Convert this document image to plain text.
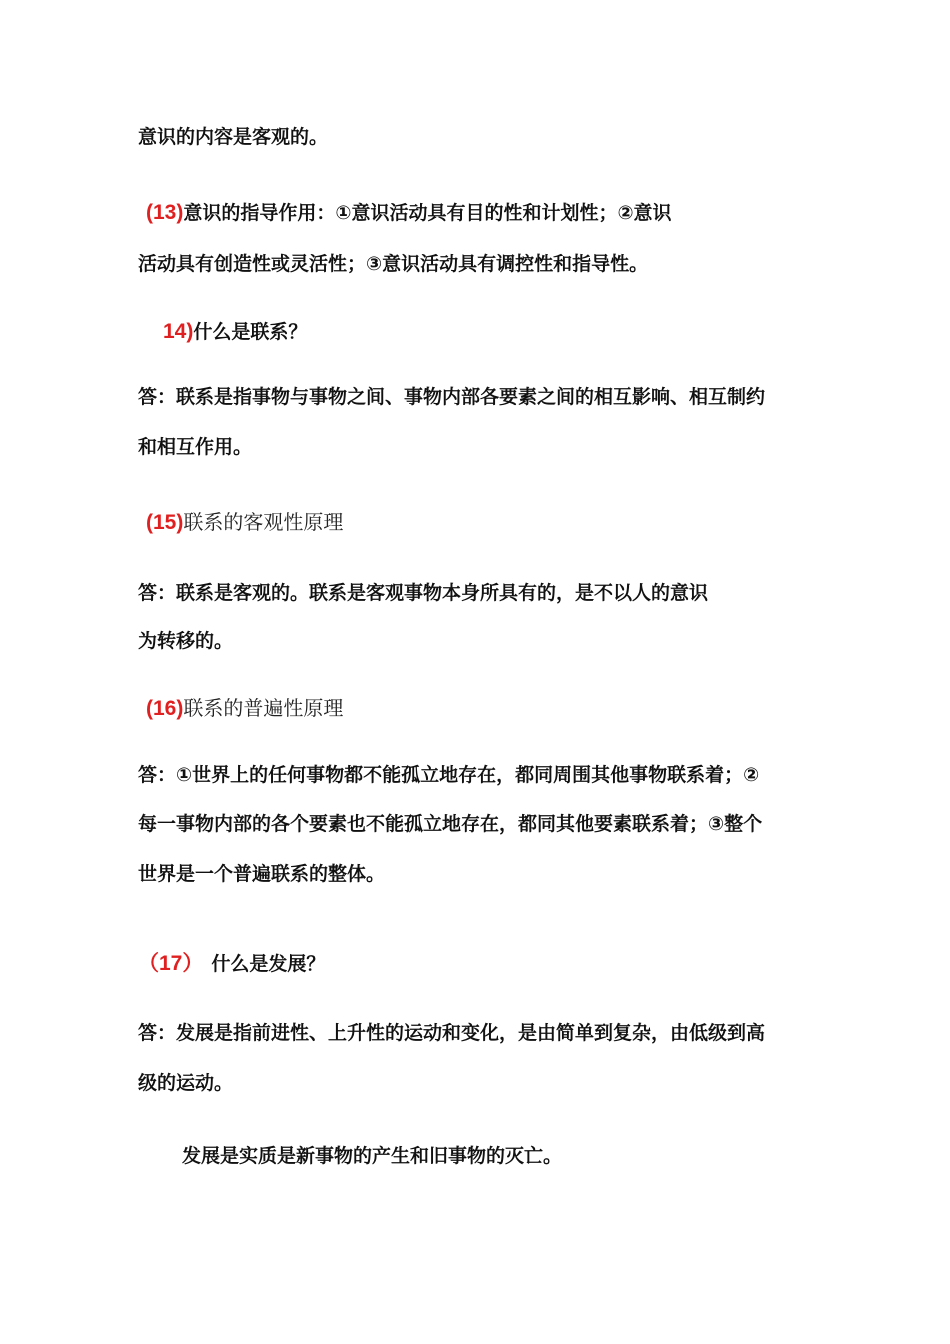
意识的内容是客观的。
(13)意识的指导作用：①意识活动具有目的性和计划性；②意识
活动具有创造性或灵活性；③意识活动具有调控性和指导性。
14)什么是联系？
答：联系是指事物与事物之间、事物内部各要素之间的相互影响、相互制约
和相互作用。
(15)联系的客观性原理
答：联系是客观的。联系是客观事物本身所具有的，是不以人的意识
为转移的。
(16)联系的普遍性原理
答：①世界上的任何事物都不能孤立地存在，都同周围其他事物联系着；②
每一事物内部的各个要素也不能孤立地存在，都同其他要素联系着；③整个
世界是一个普遍联系的整体。
（17） 什么是发展？
答：发展是指前进性、上升性的运动和变化，是由简单到复杂，由低级到高
级的运动。
发展是实质是新事物的产生和旧事物的灭亡。
